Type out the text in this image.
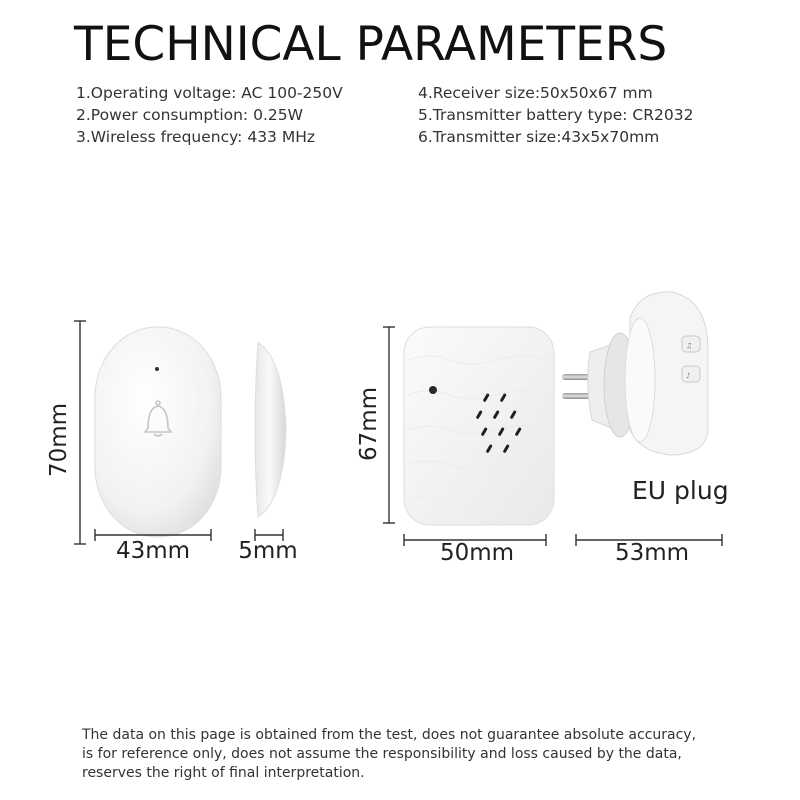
TECHNICAL PARAMETERS
1.Operating voltage: AC 100-250V
2.Power consumption: 0.25W
3.Wireless frequency: 433 MHz
4.Receiver size:50x50x67 mm
5.Transmitter battery type: CR2032
6.Transmitter size:43x5x70mm
♫
♪
70mm
43mm 5mm
67mm
50mm	53mm
EU plug
The data on this page is obtained from the test, does not guarantee absolute accuracy,
is for reference only, does not assume the responsibility and loss caused by the data,
reserves the right of final interpretation.
